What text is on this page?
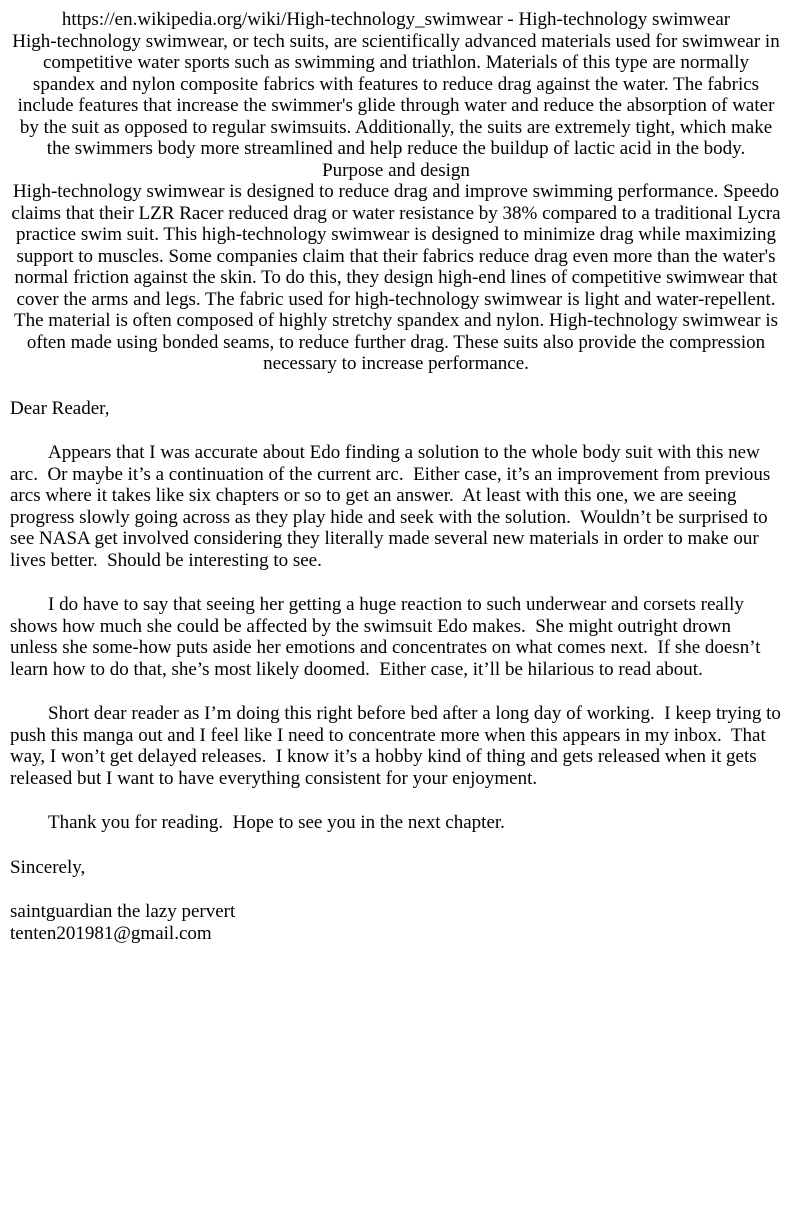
https://en.wikipedia.org/wiki/High-technology_swimwear - High-technology swimwear

High-technology swimwear, or tech suits, are scientifically advanced materials used for swimwear in competitive water sports such as swimming and triathlon. Materials of this type are normally spandex and nylon composite fabrics with features to reduce drag against the water. The fabrics include features that increase the swimmer's glide through water and reduce the absorption of water by the suit as opposed to regular swimsuits. Additionally, the suits are extremely tight, which make the swimmers body more streamlined and help reduce the buildup of lactic acid in the body.

Purpose and design

High-technology swimwear is designed to reduce drag and improve swimming performance. Speedo claims that their LZR Racer reduced drag or water resistance by 38% compared to a traditional Lycra practice swim suit. This high-technology swimwear is designed to minimize drag while maximizing support to muscles. Some companies claim that their fabrics reduce drag even more than the water's normal friction against the skin. To do this, they design high-end lines of competitive swimwear that cover the arms and legs. The fabric used for high-technology swimwear is light and water-repellent. The material is often composed of highly stretchy spandex and nylon. High-technology swimwear is often made using bonded seams, to reduce further drag. These suits also provide the compression necessary to increase performance.

Dear Reader,

Appears that I was accurate about Edo finding a solution to the whole body suit with this new arc.  Or maybe it’s a continuation of the current arc.  Either case, it’s an improvement from previous arcs where it takes like six chapters or so to get an answer.  At least with this one, we are seeing progress slowly going across as they play hide and seek with the solution.  Wouldn’t be surprised to see NASA get involved considering they literally made several new materials in order to make our lives better.  Should be interesting to see.

I do have to say that seeing her getting a huge reaction to such underwear and corsets really shows how much she could be affected by the swimsuit Edo makes.  She might outright drown unless she some-how puts aside her emotions and concentrates on what comes next.  If she doesn’t learn how to do that, she’s most likely doomed.  Either case, it’ll be hilarious to read about.

Short dear reader as I’m doing this right before bed after a long day of working.  I keep trying to push this manga out and I feel like I need to concentrate more when this appears in my inbox.  That way, I won’t get delayed releases.  I know it’s a hobby kind of thing and gets released when it gets released but I want to have everything consistent for your enjoyment.

Thank you for reading.  Hope to see you in the next chapter.

Sincerely,

saintguardian the lazy pervert
tenten201981@gmail.com
